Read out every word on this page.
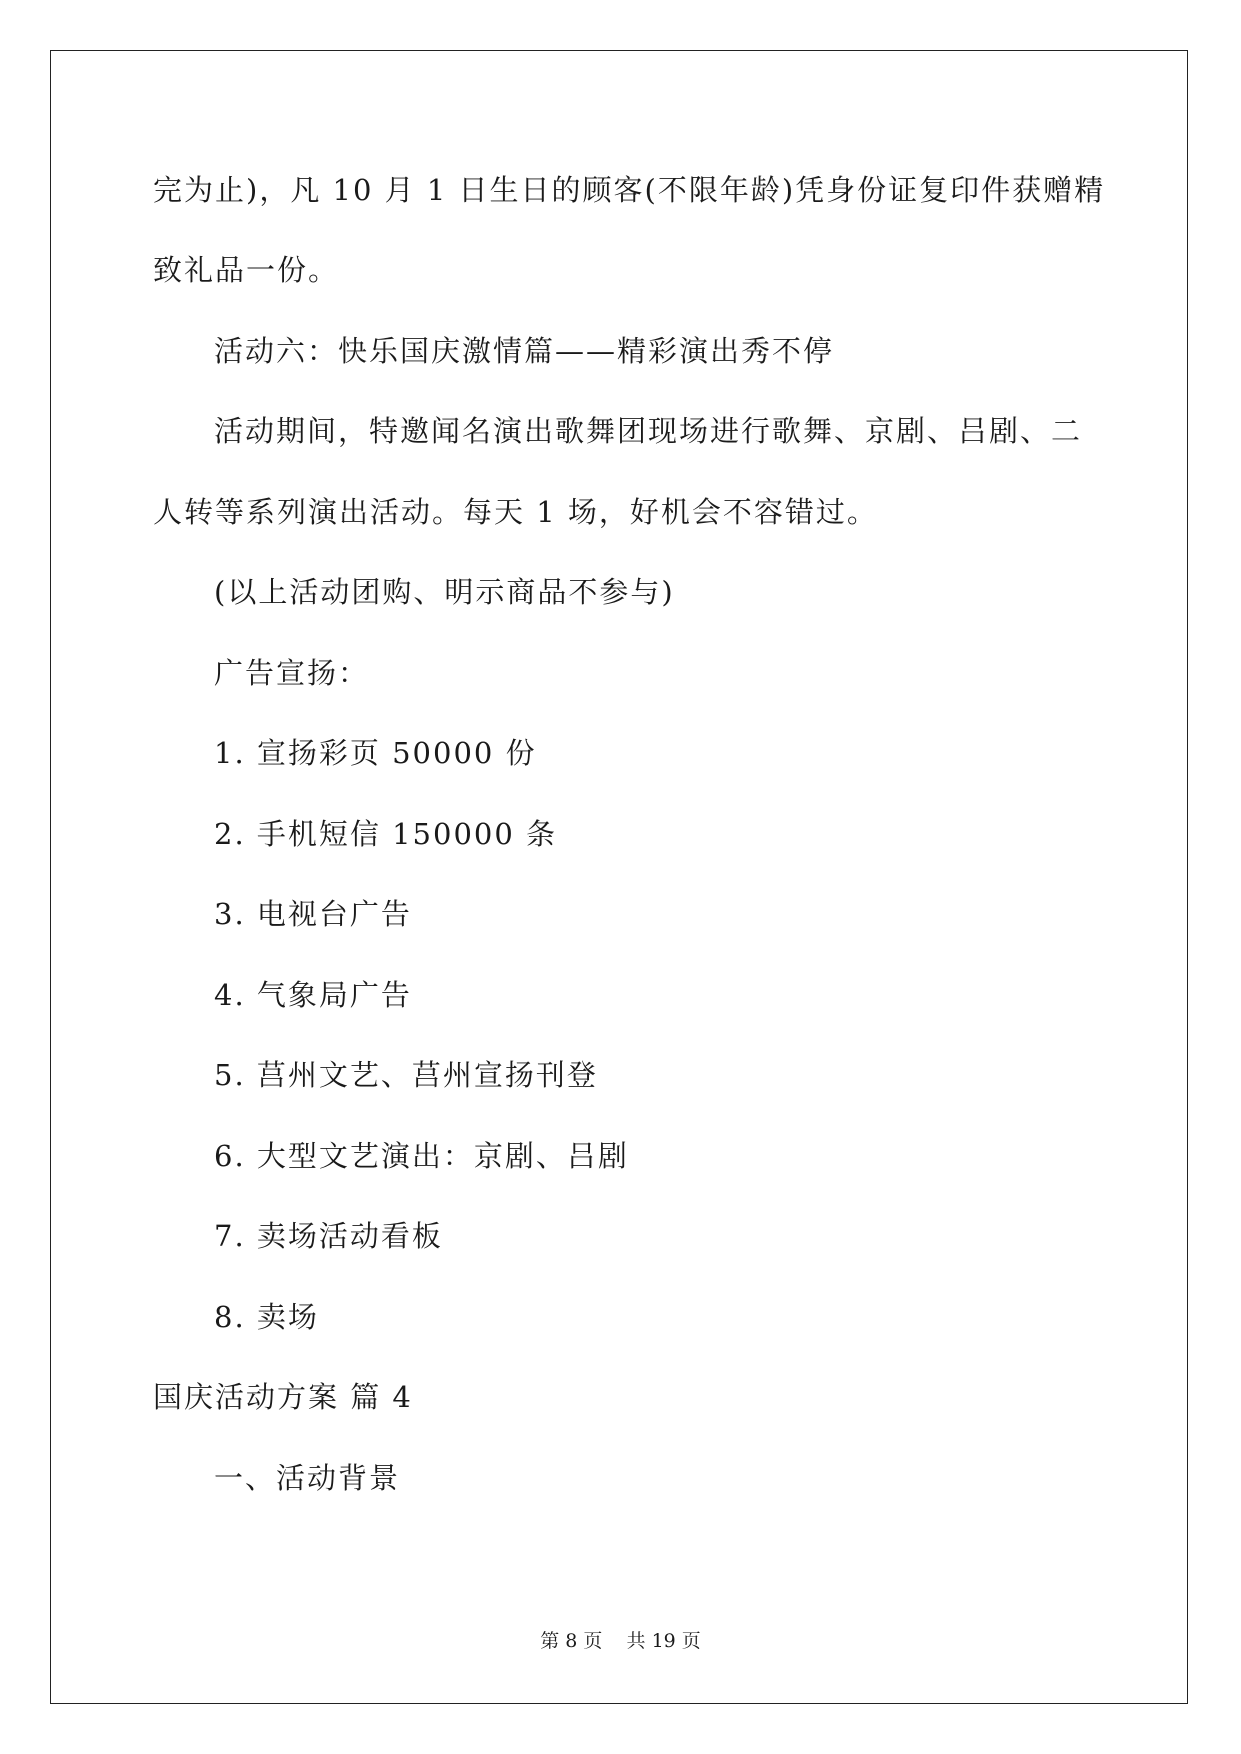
完为止)，凡 10 月 1 日生日的顾客(不限年龄)凭身份证复印件获赠精
致礼品一份。
活动六：快乐国庆激情篇——精彩演出秀不停
活动期间，特邀闻名演出歌舞团现场进行歌舞、京剧、吕剧、二
人转等系列演出活动。每天 1 场，好机会不容错过。
(以上活动团购、明示商品不参与)
广告宣扬：
1. 宣扬彩页 50000 份
2. 手机短信 150000 条
3. 电视台广告
4. 气象局广告
5. 莒州文艺、莒州宣扬刊登
6. 大型文艺演出：京剧、吕剧
7. 卖场活动看板
8. 卖场
国庆活动方案 篇 4
一、活动背景
第 8 页    共 19 页
